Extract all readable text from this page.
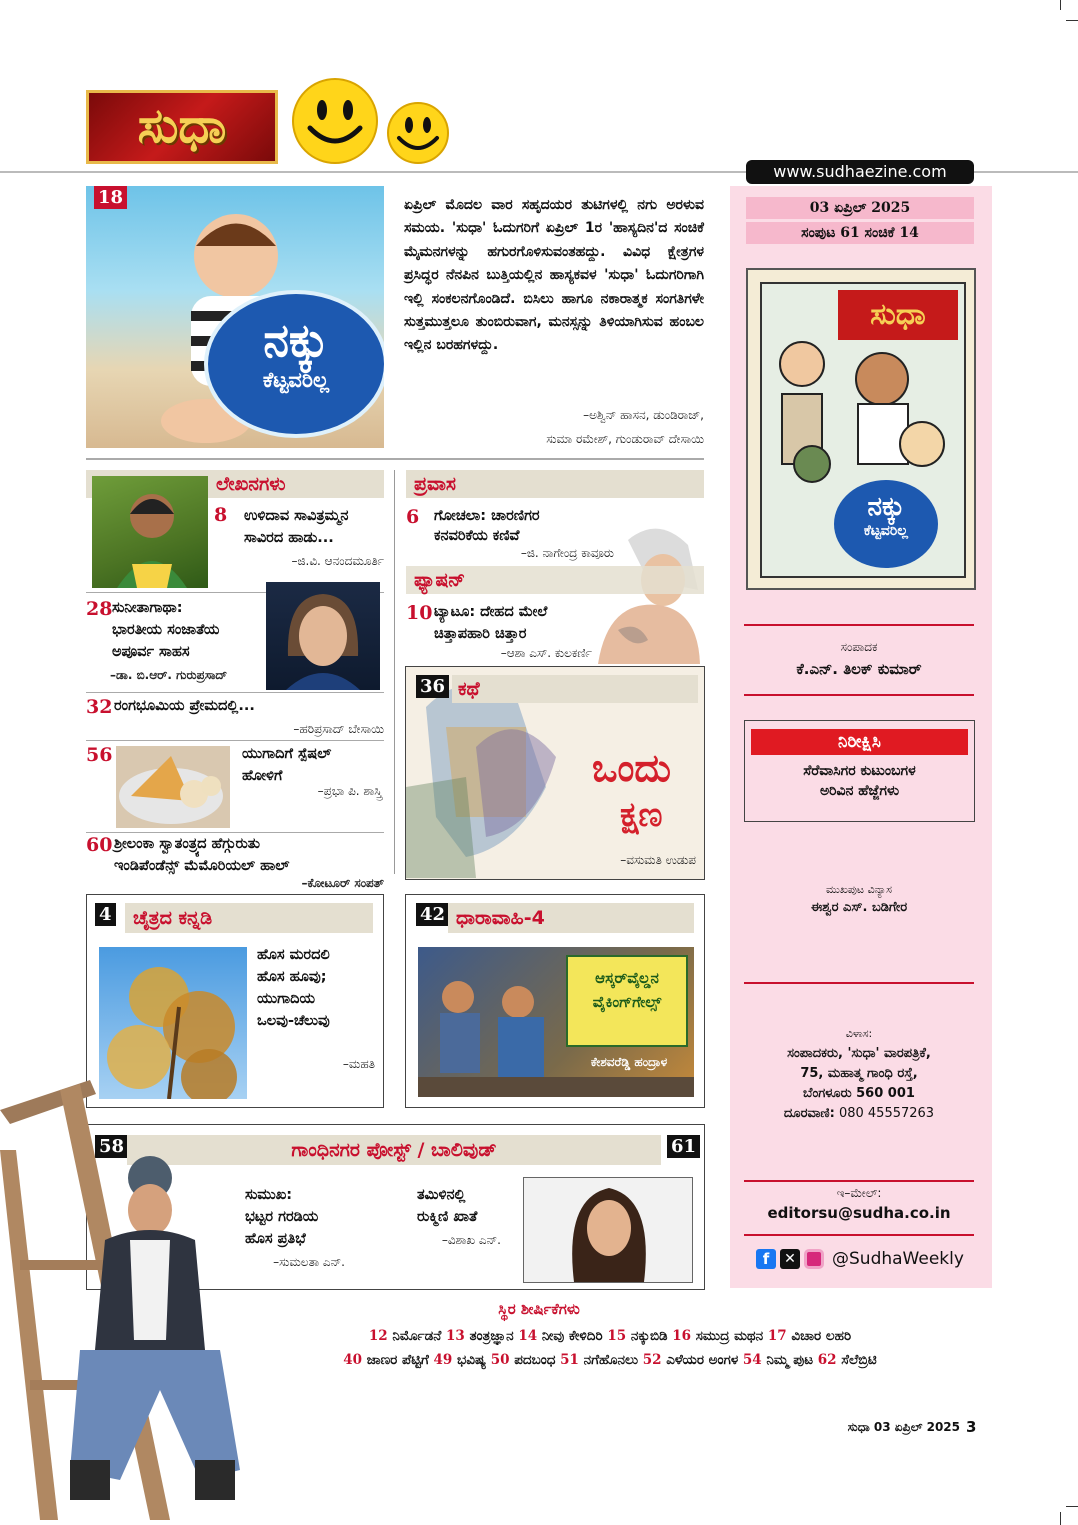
ಸುಧಾ
www.sudhaezine.com
03 ಏಪ್ರಿಲ್ 2025
ಸಂಪುಟ 61 ಸಂಚಿಕೆ 14
ಸುಧಾ
ನಕ್ಕು
ಕೆಟ್ಟವರಿಲ್ಲ
ಸಂಪಾದಕ
ಕೆ.ಎನ್. ತಿಲಕ್ ಕುಮಾರ್
ನಿರೀಕ್ಷಿಸಿ
ಸೆರೆವಾಸಿಗರ ಕುಟುಂಬಗಳ
ಅರಿವಿನ ಹೆಜ್ಜೆಗಳು
ಮುಖಪುಟ ವಿನ್ಯಾಸ
ಈಶ್ವರ ಎಸ್. ಬಡಿಗೇರ
ವಿಳಾಸ:
ಸಂಪಾದಕರು, 'ಸುಧಾ' ವಾರಪತ್ರಿಕೆ,
75, ಮಹಾತ್ಮ ಗಾಂಧಿ ರಸ್ತೆ,
ಬೆಂಗಳೂರು 560 001
ದೂರವಾಣಿ: 080 45557263
ಇ–ಮೇಲ್:
editorsu@sudha.co.in
f	✕ @SudhaWeekly
18
ನಕ್ಕು
ಕೆಟ್ಟವರಿಲ್ಲ
ಏಪ್ರಿಲ್ ಮೊದಲ ವಾರ ಸಹೃದಯರ ತುಟಿಗಳಲ್ಲಿ ನಗು ಅರಳುವ ಸಮಯ. 'ಸುಧಾ' ಓದುಗರಿಗೆ ಏಪ್ರಿಲ್ 1ರ 'ಹಾಸ್ಯದಿನ'ದ ಸಂಚಿಕೆ ಮೈಮನಗಳನ್ನು ಹಗುರಗೊಳಿಸುವಂತಹದ್ದು. ವಿವಿಧ ಕ್ಷೇತ್ರಗಳ ಪ್ರಸಿದ್ಧರ ನೆನಪಿನ ಬುತ್ತಿಯಲ್ಲಿನ ಹಾಸ್ಯಕವಳ 'ಸುಧಾ' ಓದುಗರಿಗಾಗಿ ಇಲ್ಲಿ ಸಂಕಲನಗೊಂಡಿದೆ. ಬಿಸಿಲು ಹಾಗೂ ನಕಾರಾತ್ಮಕ ಸಂಗತಿಗಳೇ ಸುತ್ತಮುತ್ತಲೂ ತುಂಬಿರುವಾಗ, ಮನಸ್ಸನ್ನು ತಿಳಿಯಾಗಿಸುವ ಹಂಬಲ ಇಲ್ಲಿನ ಬರಹಗಳದ್ದು.
–ಅಶ್ವಿನ್ ಹಾಸನ, ಡುಂಡಿರಾಜ್,
ಸುಮಾ ರಮೇಶ್, ಗುಂಡುರಾವ್ ದೇಸಾಯಿ
ಲೇಖನಗಳು
8 ಉಳಿದಾವ ಸಾವಿತ್ರಮ್ಮನ
ಸಾವಿರದ ಹಾಡು...
–ಜಿ.ವಿ. ಆನಂದಮೂರ್ತಿ
28 ಸುನೀತಾಗಾಥಾ:
ಭಾರತೀಯ ಸಂಜಾತೆಯ
ಅಪೂರ್ವ ಸಾಹಸ
–ಡಾ. ಬಿ.ಆರ್. ಗುರುಪ್ರಸಾದ್
32 ರಂಗಭೂಮಿಯ ಪ್ರೇಮದಲ್ಲಿ...
–ಹರಿಪ್ರಸಾದ್ ಬೇಸಾಯಿ
56	ಯುಗಾದಿಗೆ ಸ್ಪೆಷಲ್
ಹೋಳಿಗೆ
–ಪ್ರಭಾ ಪಿ. ಶಾಸ್ತ್ರಿ
60 ಶ್ರೀಲಂಕಾ ಸ್ವಾತಂತ್ರ್ಯದ ಹೆಗ್ಗುರುತು
ಇಂಡಿಪೆಂಡೆನ್ಸ್ ಮೆಮೊರಿಯಲ್ ಹಾಲ್
–ಕೋಟೂರ್ ಸಂಪತ್
ಪ್ರವಾಸ
6 ಗೋಚಲಾ: ಚಾರಣಿಗರ
ಕನವರಿಕೆಯ ಕಣಿವೆ
–ಜಿ. ನಾಗೇಂದ್ರ ಕಾವೂರು
ಫ್ಯಾಷನ್
10 ಟ್ಯಾಟೂ: ದೇಹದ ಮೇಲೆ
ಚಿತ್ತಾಪಹಾರಿ ಚಿತ್ತಾರ
–ಆಶಾ ಎಸ್. ಕುಲಕರ್ಣಿ
36 ಕಥೆ
ಒಂದು
ಕ್ಷಣ
–ವಸುಮತಿ ಉಡುಪ
4	ಚೈತ್ರದ ಕನ್ನಡಿ
ಹೊಸ ಮರದಲಿ
ಹೊಸ ಹೂವು;
ಯುಗಾದಿಯ
ಒಲವು-ಚೆಲುವು
–ಮಹತಿ
42 ಧಾರಾವಾಹಿ-4
ಆಸ್ಕರ್‌ವೈಲ್ಡನ
ವೈಕಿಂಗ್‌ಗೇಲ್ಸ್
ಕೇಶವರೆಡ್ಡಿ ಹಂದ್ರಾಳ
58	ಗಾಂಧಿನಗರ ಪೋಸ್ಟ್ / ಬಾಲಿವುಡ್	61
ಸುಮುಖ:
ಭಟ್ಟರ ಗರಡಿಯ
ಹೊಸ ಪ್ರತಿಭೆ
–ಸುಮಲತಾ ಎನ್.
ತಮಿಳಿನಲ್ಲಿ
ರುಕ್ಮಿಣಿ ಖಾತೆ
–ವಿಶಾಖ ಎನ್.
ಸ್ಥಿರ ಶೀರ್ಷಿಕೆಗಳು
12 ನಿರ್ಮೊಡನೆ 13 ತಂತ್ರಜ್ಞಾನ 14 ನೀವು ಕೇಳಿದಿರಿ 15 ನಕ್ಕುಬಿಡಿ 16 ಸಮುದ್ರ ಮಥನ 17 ವಿಚಾರ ಲಹರಿ
40 ಜಾಣರ ಪೆಟ್ಟಿಗೆ 49 ಭವಿಷ್ಯ 50 ಪದಬಂಧ 51 ನಗೆಹೊನಲು 52 ಎಳೆಯರ ಅಂಗಳ 54 ನಿಮ್ಮ ಪುಟ 62 ಸೆಲೆಬ್ರಿಟಿ
ಸುಧಾ 03 ಏಪ್ರಿಲ್ 2025 3
